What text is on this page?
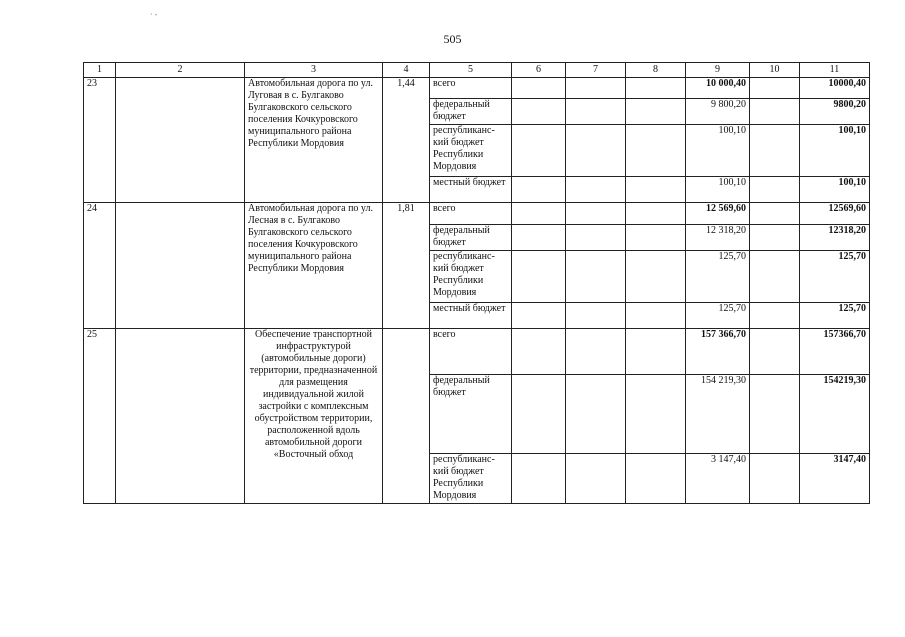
· ‑
505
1	2	3	4	5	6	7	8	9	10	11
23		Автомобильная дорога по ул. Луговая в с. Булгаково Булгаковского сельского поселения Кочкуровского муниципального района Республики Мордовия	1,44	всего				10 000,40		10000,40
				федеральный бюджет				9 800,20		9800,20
				республиканс-кий бюджет Республики Мордовия				100,10		100,10
				местный бюджет				100,10		100,10
24		Автомобильная дорога по ул. Лесная в с. Булгаково Булгаковского сельского поселения Кочкуровского муниципального района Республики Мордовия	1,81	всего				12 569,60		12569,60
				федеральный бюджет				12 318,20		12318,20
				республиканс-кий бюджет Республики Мордовия				125,70		125,70
				местный бюджет				125,70		125,70
25		Обеспечение транспортной инфраструктурой (автомобильные дороги) территории, предназначенной для размещения индивидуальной жилой застройки с комплексным обустройством территории, расположенной вдоль автомобильной дороги «Восточный обход		всего				157 366,70		157366,70
				федеральный бюджет				154 219,30		154219,30
				республиканс-кий бюджет Республики Мордовия				3 147,40		3147,40
